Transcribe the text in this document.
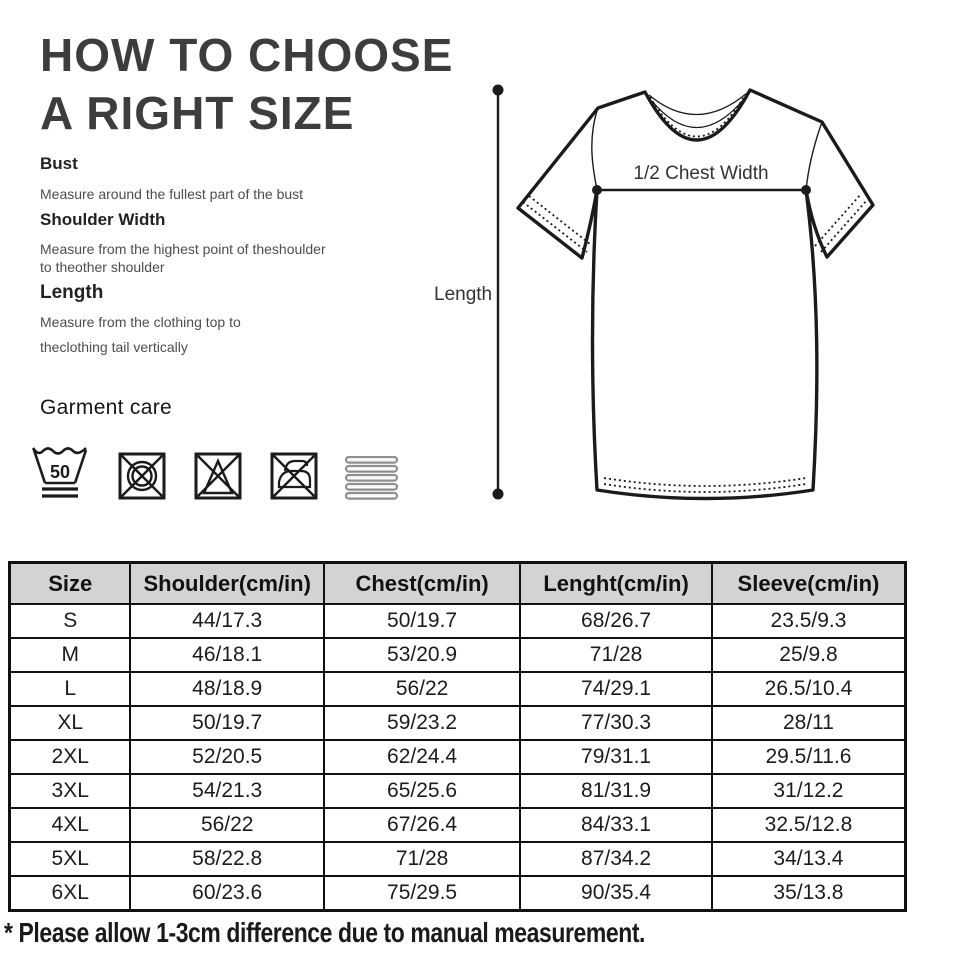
HOW TO CHOOSE
A RIGHT SIZE
Bust
Measure around the fullest part of the bust
Shoulder Width
Measure from the highest point of theshoulder
to theother shoulder
Length
Measure from the clothing top to
theclothing tail vertically
Garment care
50
Length
1/2 Chest Width
Size	Shoulder(cm/in)	Chest(cm/in)	Lenght(cm/in)	Sleeve(cm/in)
S	44/17.3	50/19.7	68/26.7	23.5/9.3
M	46/18.1	53/20.9	71/28	25/9.8
L	48/18.9	56/22	74/29.1	26.5/10.4
XL	50/19.7	59/23.2	77/30.3	28/11
2XL	52/20.5	62/24.4	79/31.1	29.5/11.6
3XL	54/21.3	65/25.6	81/31.9	31/12.2
4XL	56/22	67/26.4	84/33.1	32.5/12.8
5XL	58/22.8	71/28	87/34.2	34/13.4
6XL	60/23.6	75/29.5	90/35.4	35/13.8
* Please allow 1-3cm difference due to manual measurement.
